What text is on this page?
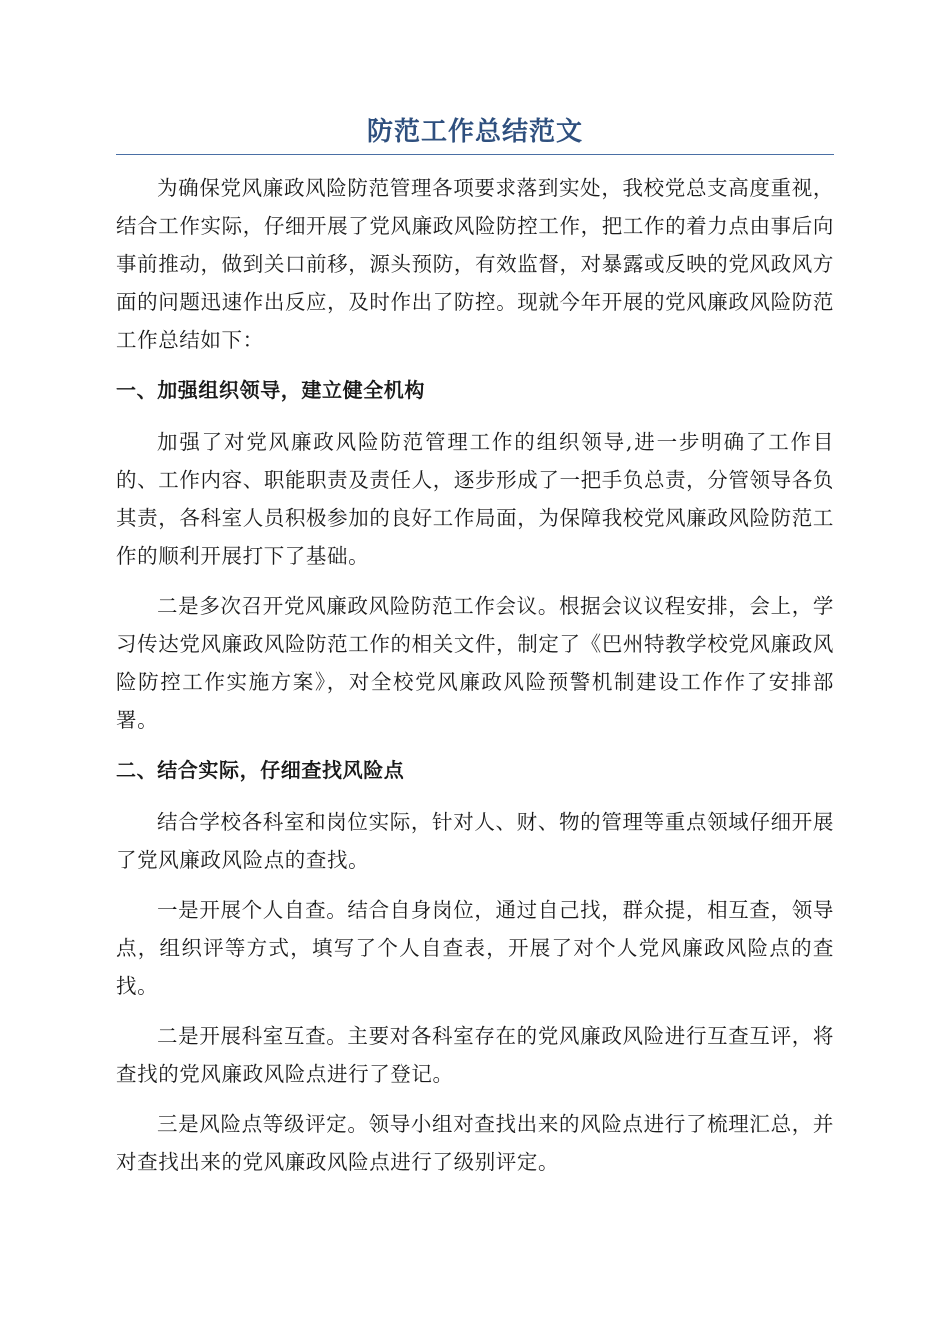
防范工作总结范文

为确保党风廉政风险防范管理各项要求落到实处，我校党总支高度重视，结合工作实际，仔细开展了党风廉政风险防控工作，把工作的着力点由事后向事前推动，做到关口前移，源头预防，有效监督，对暴露或反映的党风政风方面的问题迅速作出反应，及时作出了防控。现就今年开展的党风廉政风险防范工作总结如下：

一、加强组织领导，建立健全机构

加强了对党风廉政风险防范管理工作的组织领导,进一步明确了工作目的、工作内容、职能职责及责任人，逐步形成了一把手负总责，分管领导各负其责，各科室人员积极参加的良好工作局面，为保障我校党风廉政风险防范工作的顺利开展打下了基础。

二是多次召开党风廉政风险防范工作会议。根据会议议程安排，会上，学习传达党风廉政风险防范工作的相关文件，制定了《巴州特教学校党风廉政风险防控工作实施方案》，对全校党风廉政风险预警机制建设工作作了安排部署。

二、结合实际，仔细查找风险点

结合学校各科室和岗位实际，针对人、财、物的管理等重点领域仔细开展了党风廉政风险点的查找。

一是开展个人自查。结合自身岗位，通过自己找，群众提，相互查，领导点，组织评等方式，填写了个人自查表，开展了对个人党风廉政风险点的查找。

二是开展科室互查。主要对各科室存在的党风廉政风险进行互查互评，将查找的党风廉政风险点进行了登记。

三是风险点等级评定。领导小组对查找出来的风险点进行了梳理汇总，并对查找出来的党风廉政风险点进行了级别评定。
